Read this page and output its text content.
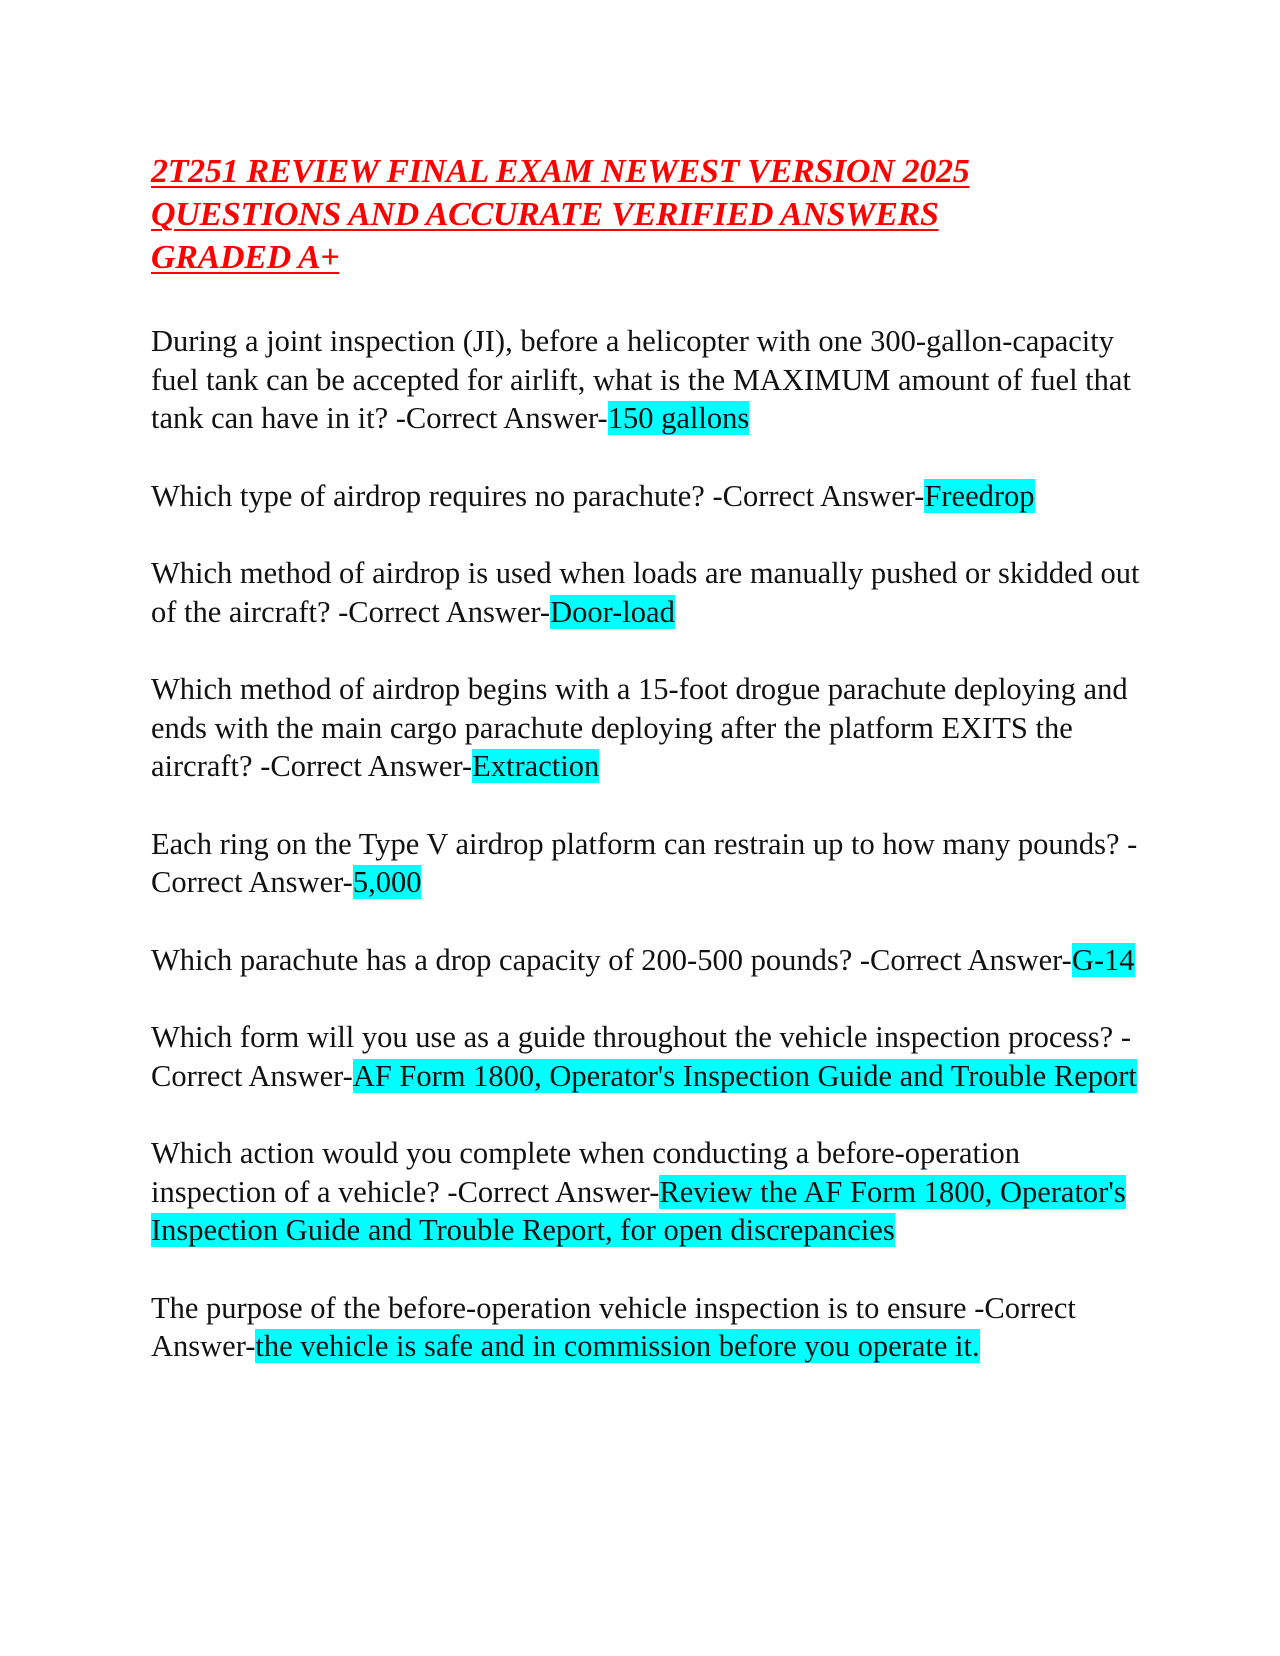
2T251 REVIEW FINAL EXAM NEWEST VERSION 2025
QUESTIONS AND ACCURATE VERIFIED ANSWERS
GRADED A+

During a joint inspection (JI), before a helicopter with one 300-gallon-capacity fuel tank can be accepted for airlift, what is the MAXIMUM amount of fuel that tank can have in it? -Correct Answer-150 gallons

Which type of airdrop requires no parachute? -Correct Answer-Freedrop

Which method of airdrop is used when loads are manually pushed or skidded out of the aircraft? -Correct Answer-Door-load

Which method of airdrop begins with a 15-foot drogue parachute deploying and ends with the main cargo parachute deploying after the platform EXITS the aircraft? -Correct Answer-Extraction

Each ring on the Type V airdrop platform can restrain up to how many pounds? -Correct Answer-5,000

Which parachute has a drop capacity of 200-500 pounds? -Correct Answer-G-14

Which form will you use as a guide throughout the vehicle inspection process? -Correct Answer-AF Form 1800, Operator's Inspection Guide and Trouble Report

Which action would you complete when conducting a before-operation inspection of a vehicle? -Correct Answer-Review the AF Form 1800, Operator's Inspection Guide and Trouble Report, for open discrepancies

The purpose of the before-operation vehicle inspection is to ensure -Correct Answer-the vehicle is safe and in commission before you operate it.
